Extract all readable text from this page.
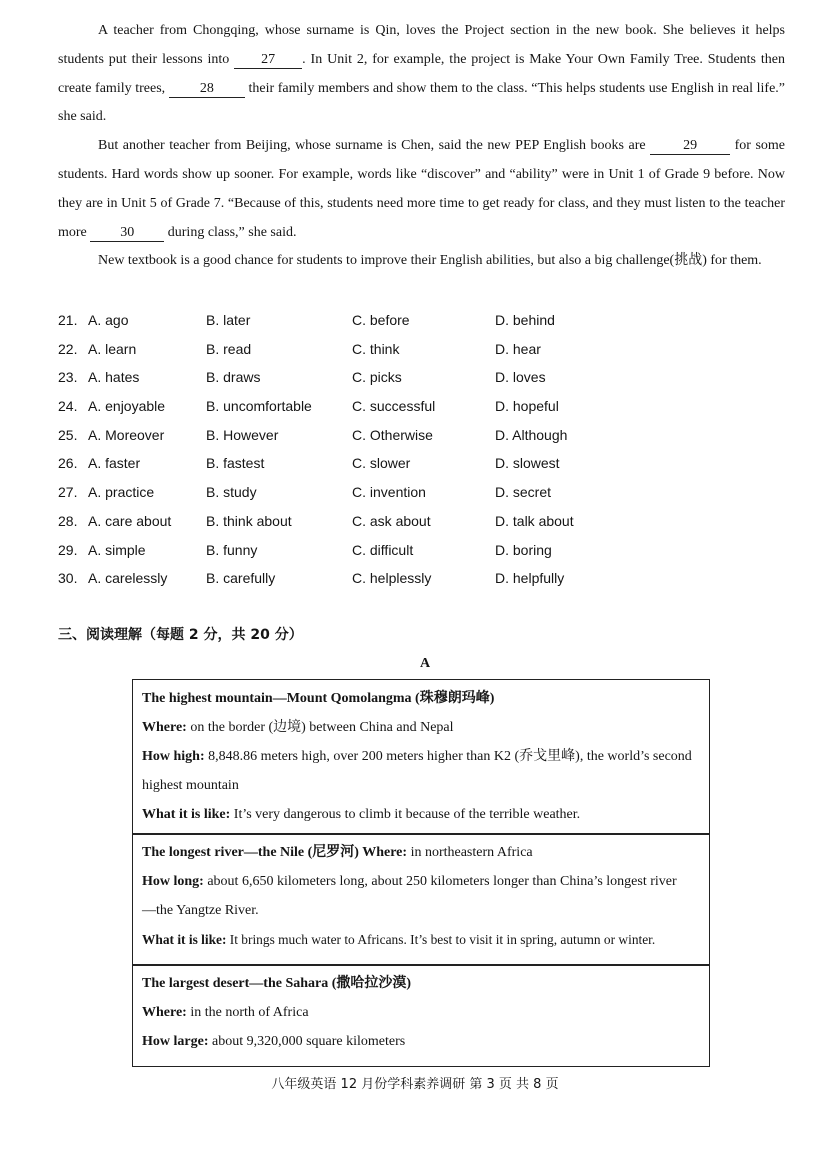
A teacher from Chongqing, whose surname is Qin, loves the Project section in the new book. She believes it helps students put their lessons into 27 . In Unit 2, for example, the project is Make Your Own Family Tree. Students then create family trees, 28 their family members and show them to the class. “This helps students use English in real life.” she said.

But another teacher from Beijing, whose surname is Chen, said the new PEP English books are 29 for some students. Hard words show up sooner. For example, words like “discover” and “ability” were in Unit 1 of Grade 9 before. Now they are in Unit 5 of Grade 7. “Because of this, students need more time to get ready for class, and they must listen to the teacher more 30 during class,” she said.

New textbook is a good chance for students to improve their English abilities, but also a big challenge(挑战) for them.

21. A. ago	B. later	C. before	D. behind
22. A. learn	B. read	C. think	D. hear
23. A. hates	B. draws	C. picks	D. loves
24. A. enjoyable	B. uncomfortable	C. successful	D. hopeful
25. A. Moreover	B. However	C. Otherwise	D. Although
26. A. faster	B. fastest	C. slower	D. slowest
27. A. practice	B. study	C. invention	D. secret
28. A. care about B. think about	C. ask about	D. talk about
29. A. simple	B. funny	C. difficult	D. boring
30. A. carelessly	B. carefully	C. helplessly	D. helpfully
三、阅读理解（每题 2 分，共 20 分）
A

The highest mountain—Mount Qomolangma (珠穆朗玛峰)

Where: on the border (边境) between China and Nepal

How high: 8,848.86 meters high, over 200 meters higher than K2 (乔戈里峰), the world’s second highest mountain

What it is like: It’s very dangerous to climb it because of the terrible weather.

The longest river—the Nile (尼罗河) Where: in northeastern Africa

How long: about 6,650 kilometers long, about 250 kilometers longer than China’s longest river—the Yangtze River.

What it is like: It brings much water to Africans. It’s best to visit it in spring, autumn or winter.

The largest desert—the Sahara (撒哈拉沙漠)

Where: in the north of Africa

How large: about 9,320,000 square kilometers

八年级英语 12 月份学科素养调研 第 3 页 共 8 页
